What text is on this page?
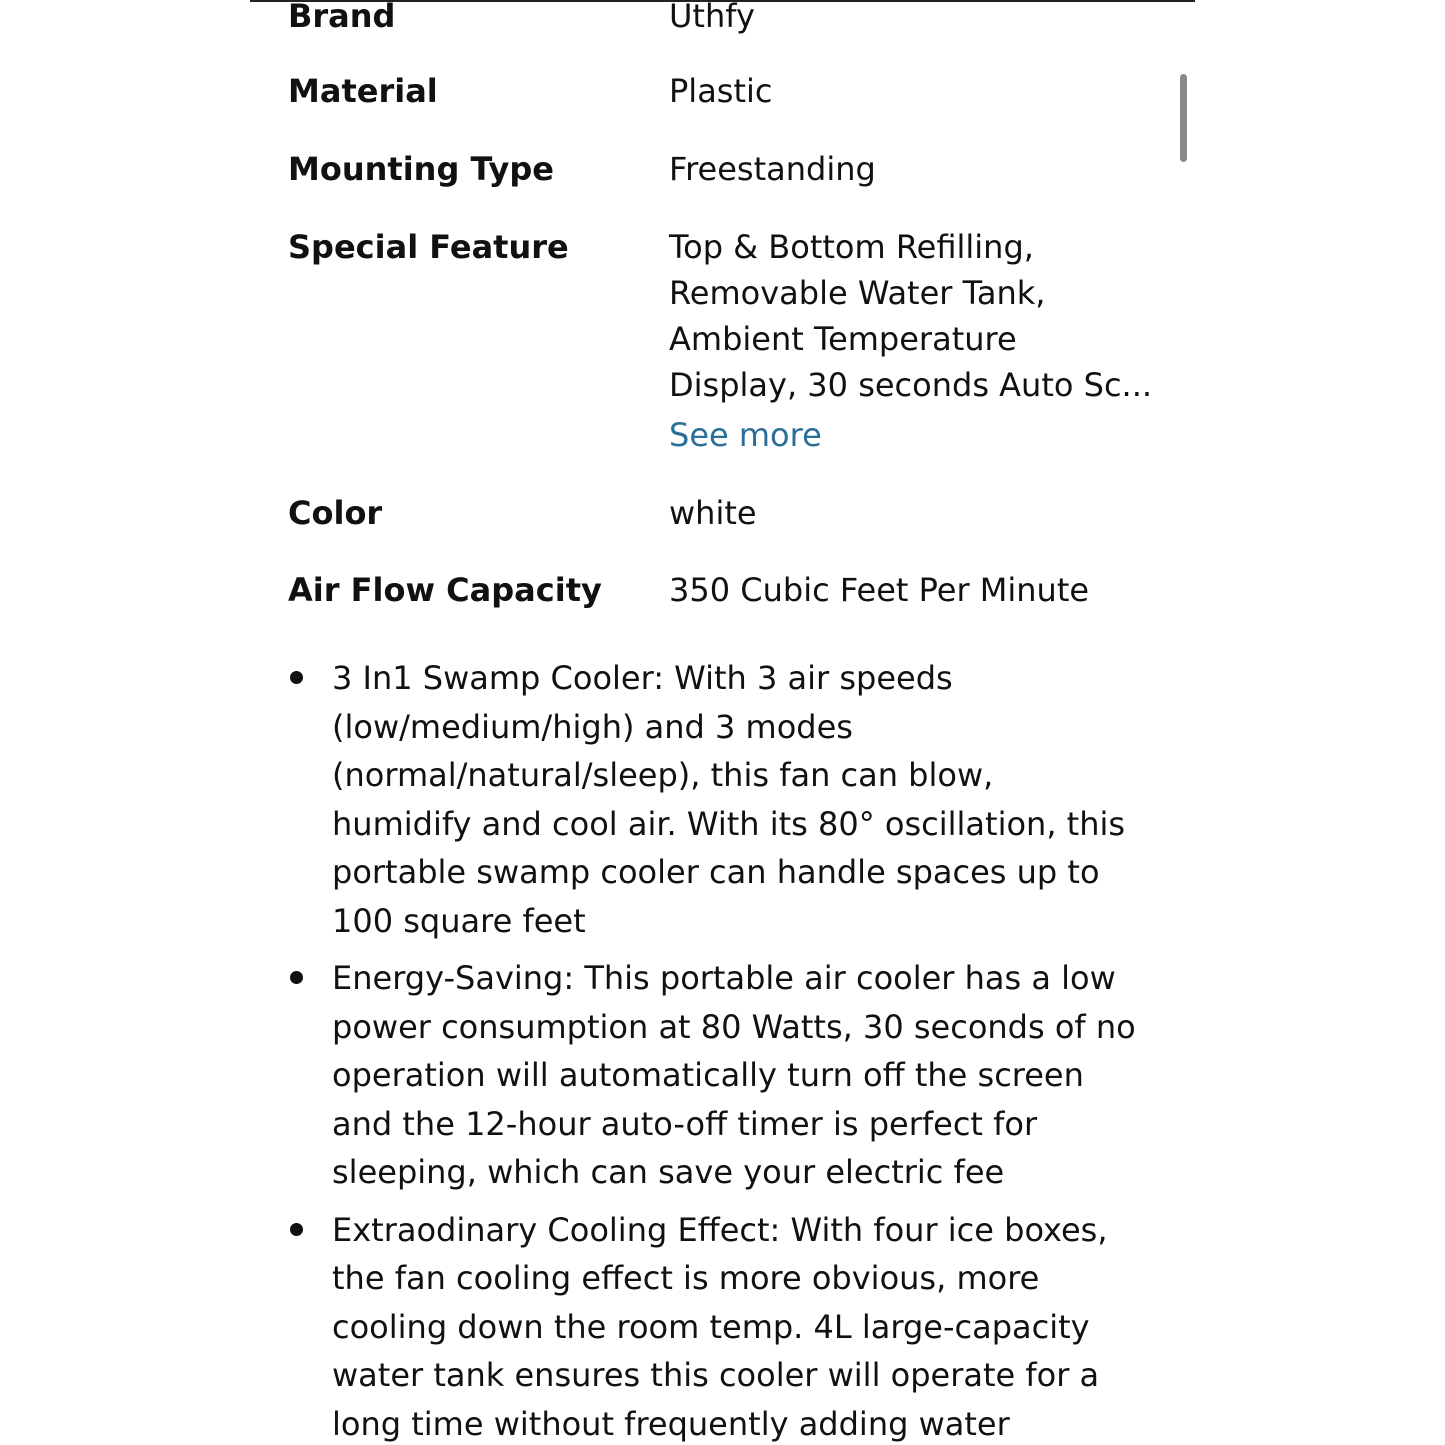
Brand	Uthfy
Material	Plastic
Mounting Type	Freestanding
Special Feature	Top & Bottom Refilling,
Removable Water Tank,
Ambient Temperature
Display, 30 seconds Auto Sc...
See more
Color	white
Air Flow Capacity	350 Cubic Feet Per Minute
3 In1 Swamp Cooler: With 3 air speeds
(low/medium/high) and 3 modes
(normal/natural/sleep), this fan can blow,
humidify and cool air. With its 80° oscillation, this
portable swamp cooler can handle spaces up to
100 square feet
Energy-Saving: This portable air cooler has a low
power consumption at 80 Watts, 30 seconds of no
operation will automatically turn off the screen
and the 12-hour auto-off timer is perfect for
sleeping, which can save your electric fee
Extraodinary Cooling Effect: With four ice boxes,
the fan cooling effect is more obvious, more
cooling down the room temp. 4L large-capacity
water tank ensures this cooler will operate for a
long time without frequently adding water
